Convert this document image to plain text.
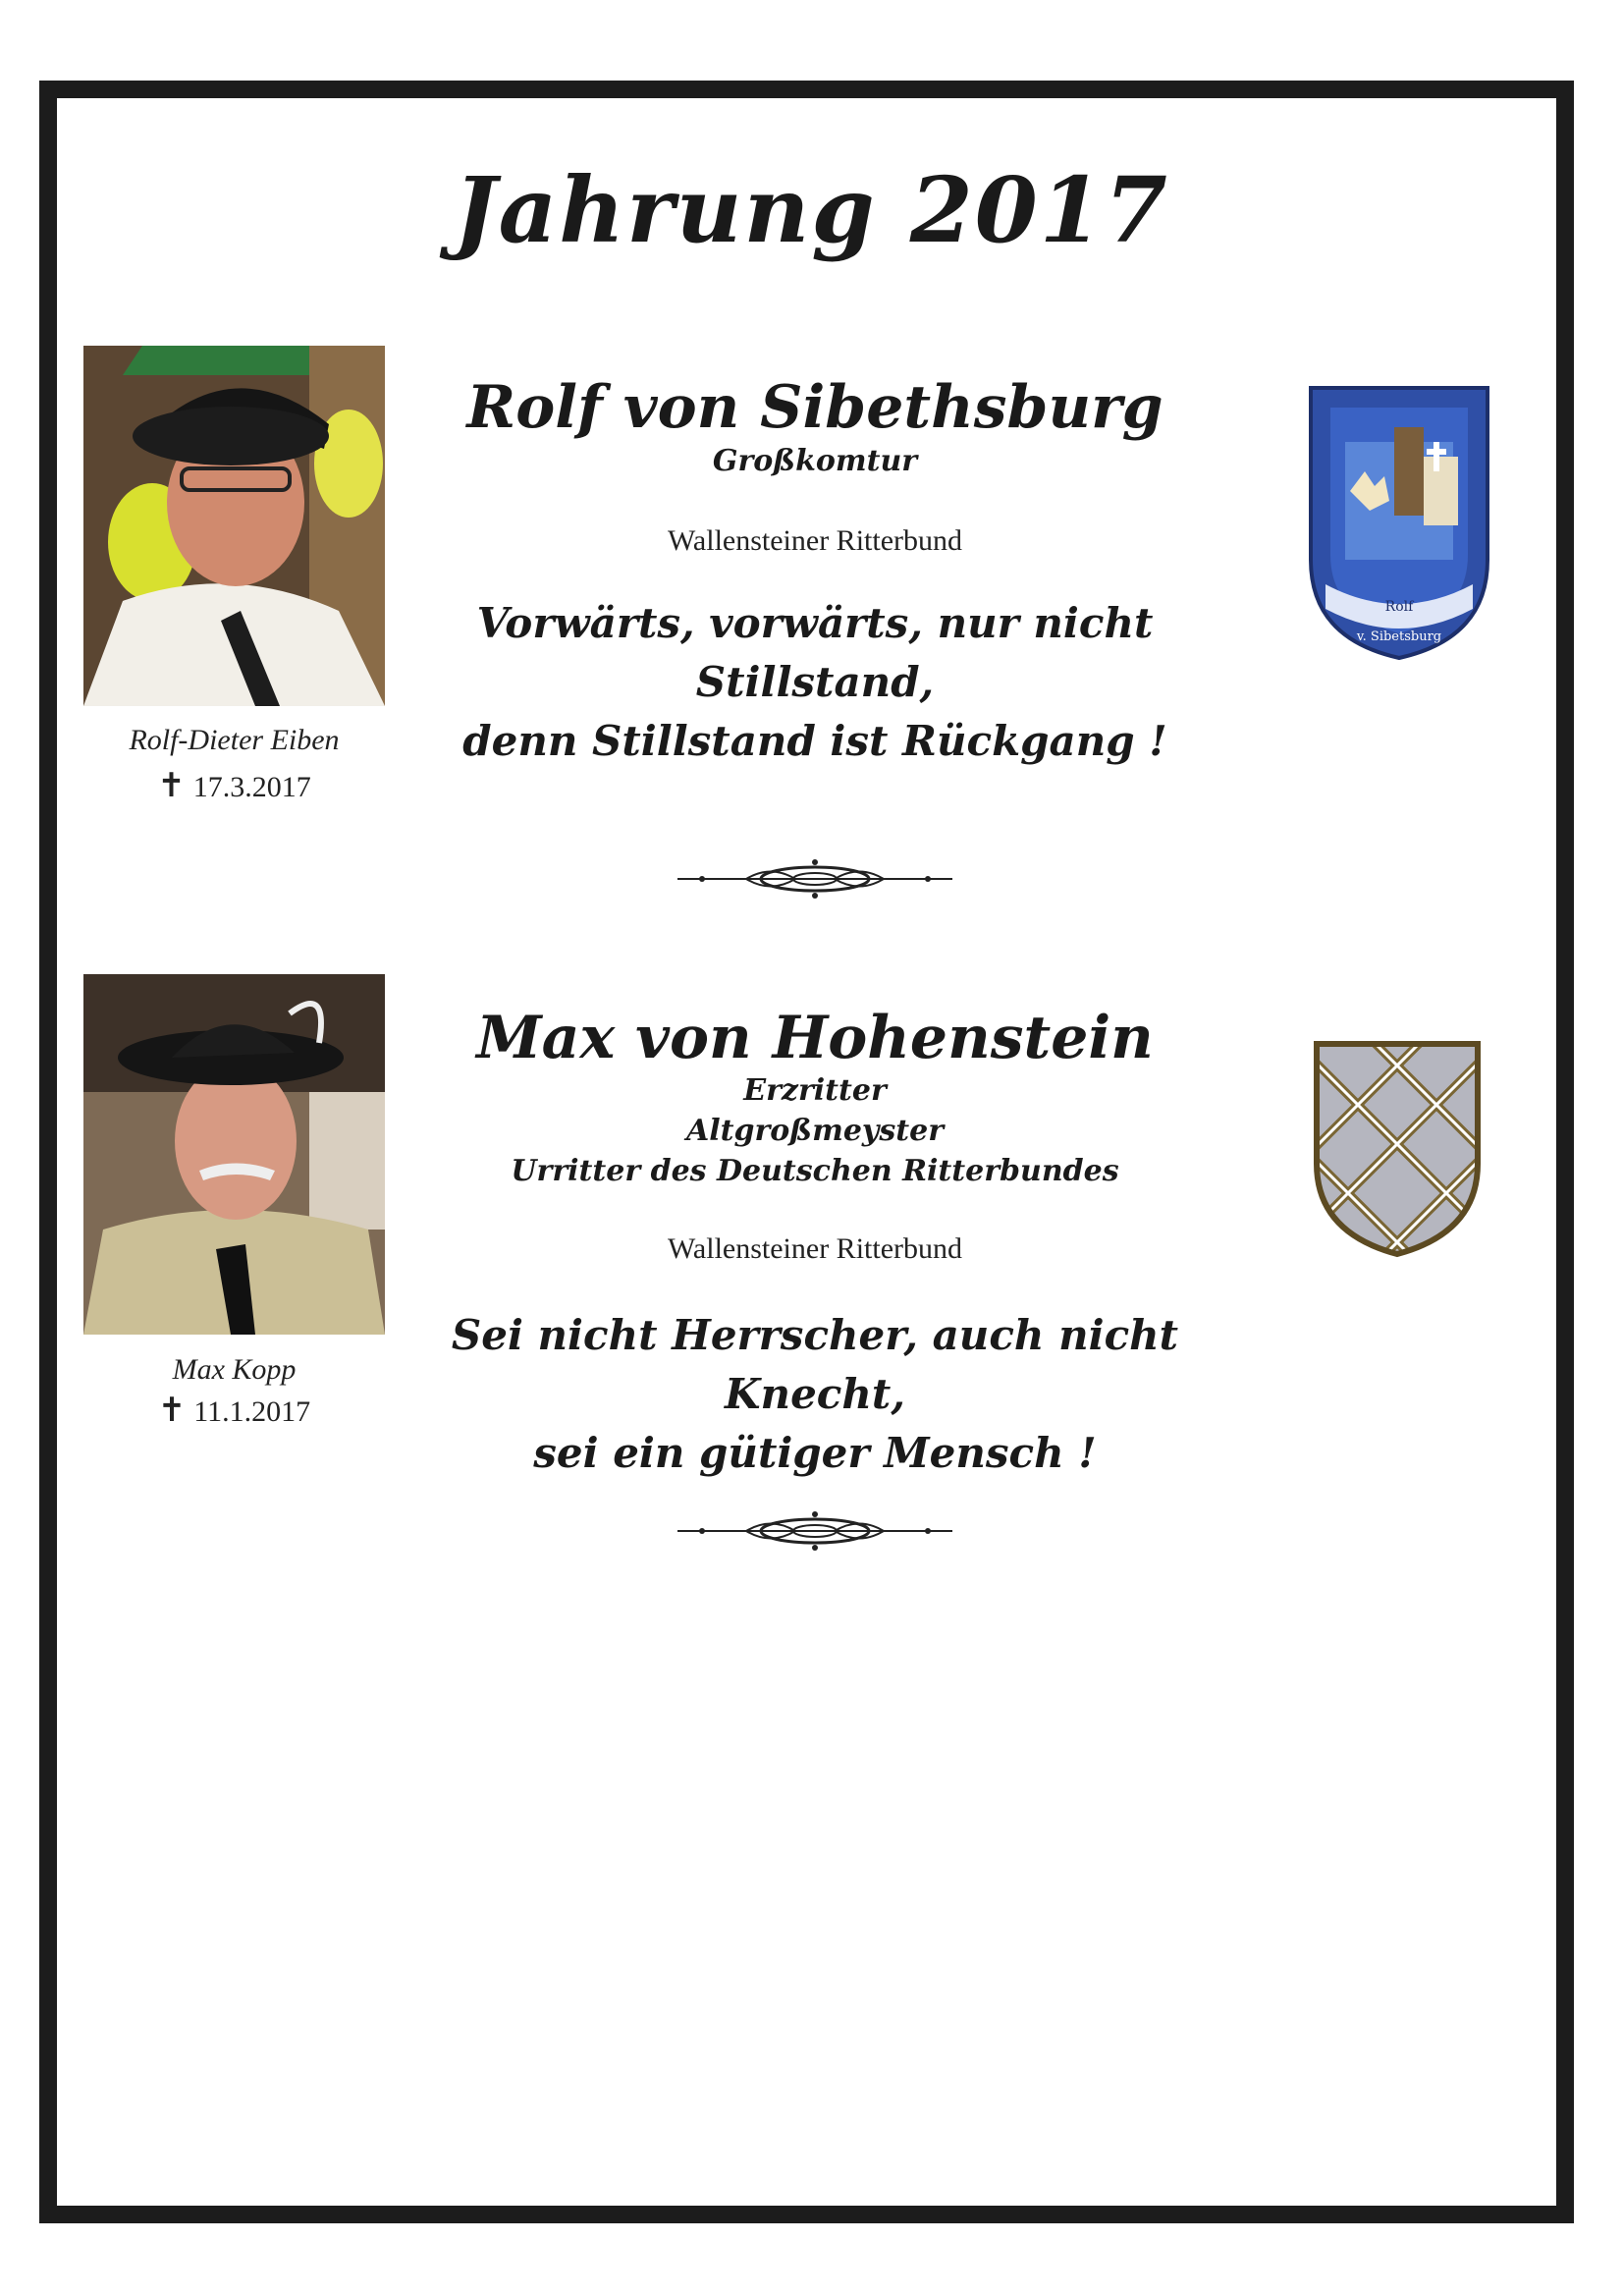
Jahrung 2017
Rolf-Dieter Eiben
✝ 17.3.2017
Rolf von Sibethsburg
Großkomtur
Wallensteiner Ritterbund
Vorwärts, vorwärts, nur nicht Stillstand,
denn Stillstand ist Rückgang !
Rolf
v. Sibetsburg
Max Kopp
✝ 11.1.2017
Max von Hohenstein
Erzritter
Altgroßmeyster
Urritter des Deutschen Ritterbundes
Wallensteiner Ritterbund
Sei nicht Herrscher, auch nicht Knecht,
sei ein gütiger Mensch !
